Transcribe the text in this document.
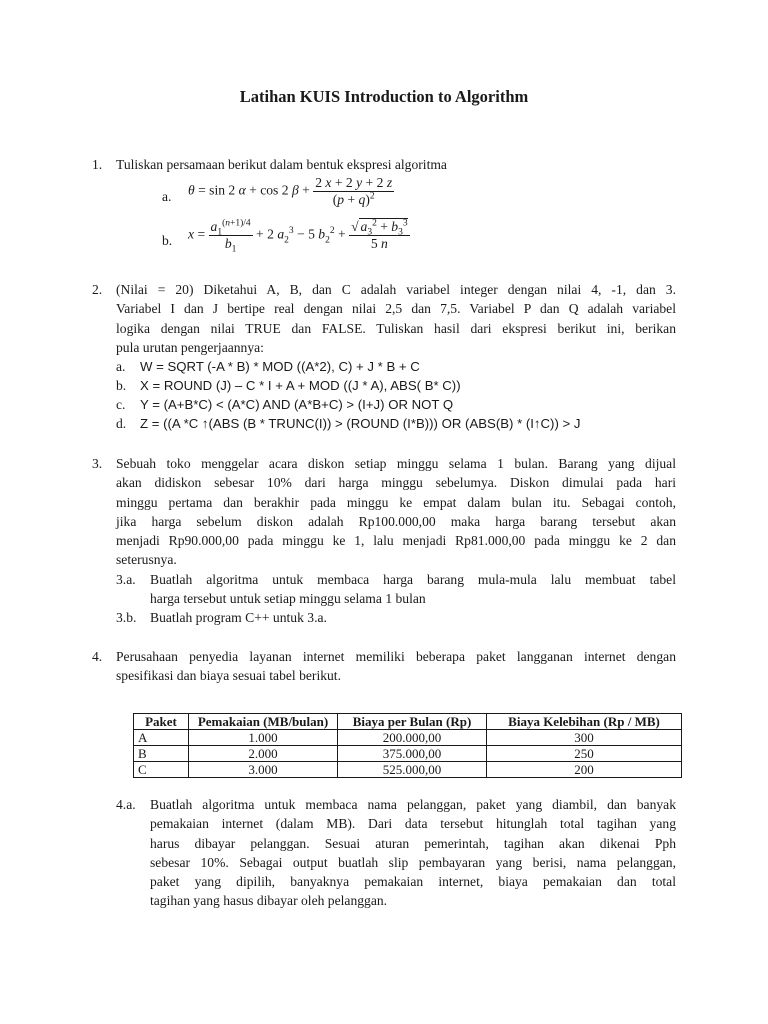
Latihan KUIS Introduction to Algorithm
1. Tuliskan persamaan berikut dalam bentuk ekspresi algoritma
a.
b.
θ = sin 2 α + cos 2 $\beta + \frac{2 x + 2 y + 2 z}{(p + q)^2}$
$x = \frac{a_1^{(n+1)/4}}{b_1} + 2$ $a_2^3 - 5$ $b_2^2 + \frac{√ a_3^2 + b_3^3}{5 n}$
2. (Nilai = 20) Diketahui A, B, dan C adalah variabel integer dengan nilai 4, -1, dan 3.
Variabel I dan J bertipe real dengan nilai 2,5 dan 7,5. Variabel P dan Q adalah variabel
logika dengan nilai TRUE dan FALSE. Tuliskan hasil dari ekspresi berikut ini, berikan
pula urutan pengerjaannya:
a. W = SQRT (-A * B) * MOD ((A*2), C) + J * B + C
b. X = ROUND (J) – C * I + A + MOD ((J * A), ABS( B* C))
c. Y = (A+B*C) < (A*C) AND (A*B+C) > (I+J) OR NOT Q
d. Z = ((A *C ↑(ABS (B * TRUNC(I)) > (ROUND (I*B))) OR (ABS(B) * (I↑C)) > J
3. Sebuah toko menggelar acara diskon setiap minggu selama 1 bulan. Barang yang dijual
akan didiskon sebesar 10% dari harga minggu sebelumya. Diskon dimulai pada hari
minggu pertama dan berakhir pada minggu ke empat dalam bulan itu. Sebagai contoh,
jika harga sebelum diskon adalah Rp100.000,00 maka harga barang tersebut akan
menjadi Rp90.000,00 pada minggu ke 1, lalu menjadi Rp81.000,00 pada minggu ke 2 dan
seterusnya.
3.a. Buatlah algoritma untuk membaca harga barang mula-mula lalu membuat tabel
harga tersebut untuk setiap minggu selama 1 bulan
3.b. Buatlah program C++ untuk 3.a.
4. Perusahaan penyedia layanan internet memiliki beberapa paket langganan internet dengan
spesifikasi dan biaya sesuai tabel berikut.
Paket	Pemakaian (MB/bulan)	Biaya per Bulan (Rp)	Biaya Kelebihan (Rp / MB)
A	1.000	200.000,00	300
B	2.000	375.000,00	250
C	3.000	525.000,00	200
4.a. Buatlah algoritma untuk membaca nama pelanggan, paket yang diambil, dan banyak
pemakaian internet (dalam MB). Dari data tersebut hitunglah total tagihan yang
harus dibayar pelanggan. Sesuai aturan pemerintah, tagihan akan dikenai Pph
sebesar 10%. Sebagai output buatlah slip pembayaran yang berisi, nama pelanggan,
paket yang dipilih, banyaknya pemakaian internet, biaya pemakaian dan total
tagihan yang hasus dibayar oleh pelanggan.
